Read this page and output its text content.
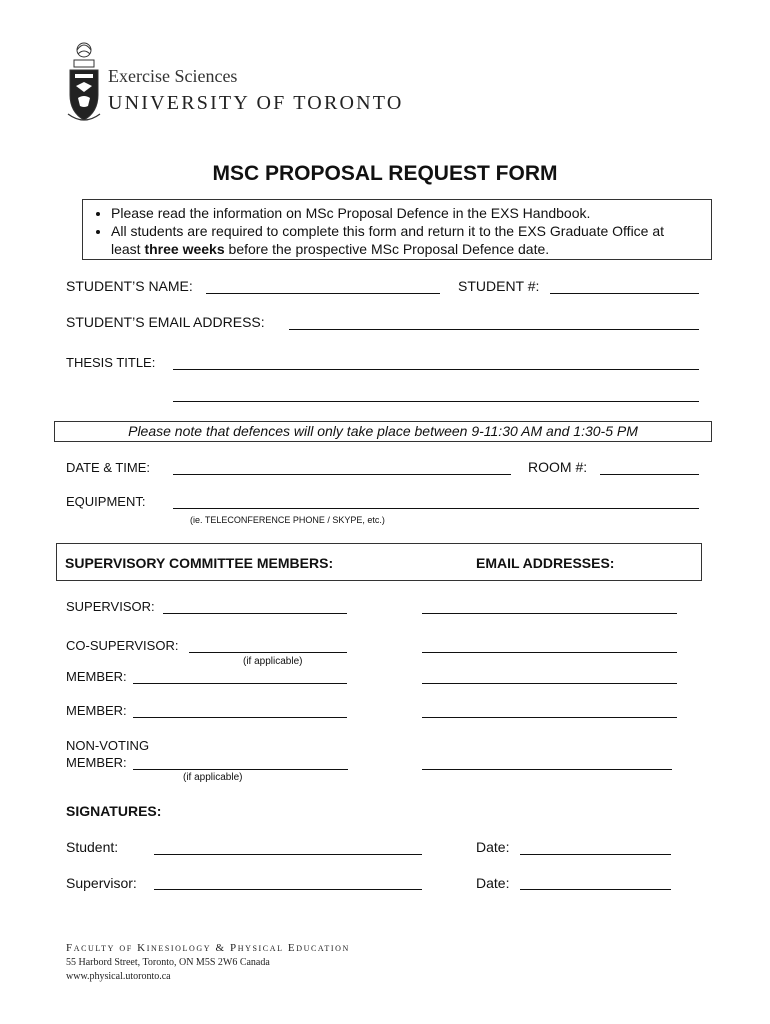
Exercise Sciences
UNIVERSITY OF TORONTO
MSC PROPOSAL REQUEST FORM
• Please read the information on MSc Proposal Defence in the EXS Handbook.
• All students are required to complete this form and return it to the EXS Graduate Office at least three weeks before the prospective MSc Proposal Defence date.
STUDENT’S NAME:	STUDENT #:
STUDENT’S EMAIL ADDRESS:
THESIS TITLE:
Please note that defences will only take place between 9-11:30 AM and 1:30-5 PM
DATE & TIME:	ROOM #:
EQUIPMENT:
(ie. TELECONFERENCE PHONE / SKYPE, etc.)
SUPERVISORY COMMITTEE MEMBERS:	EMAIL ADDRESSES:
SUPERVISOR:
CO-SUPERVISOR:
(if applicable)
MEMBER:
MEMBER:
NON-VOTING
MEMBER:
(if applicable)
SIGNATURES:
Student:	Date:
Supervisor:	Date:
Faculty of Kinesiology & Physical Education
55 Harbord Street, Toronto, ON M5S 2W6 Canada
www.physical.utoronto.ca
